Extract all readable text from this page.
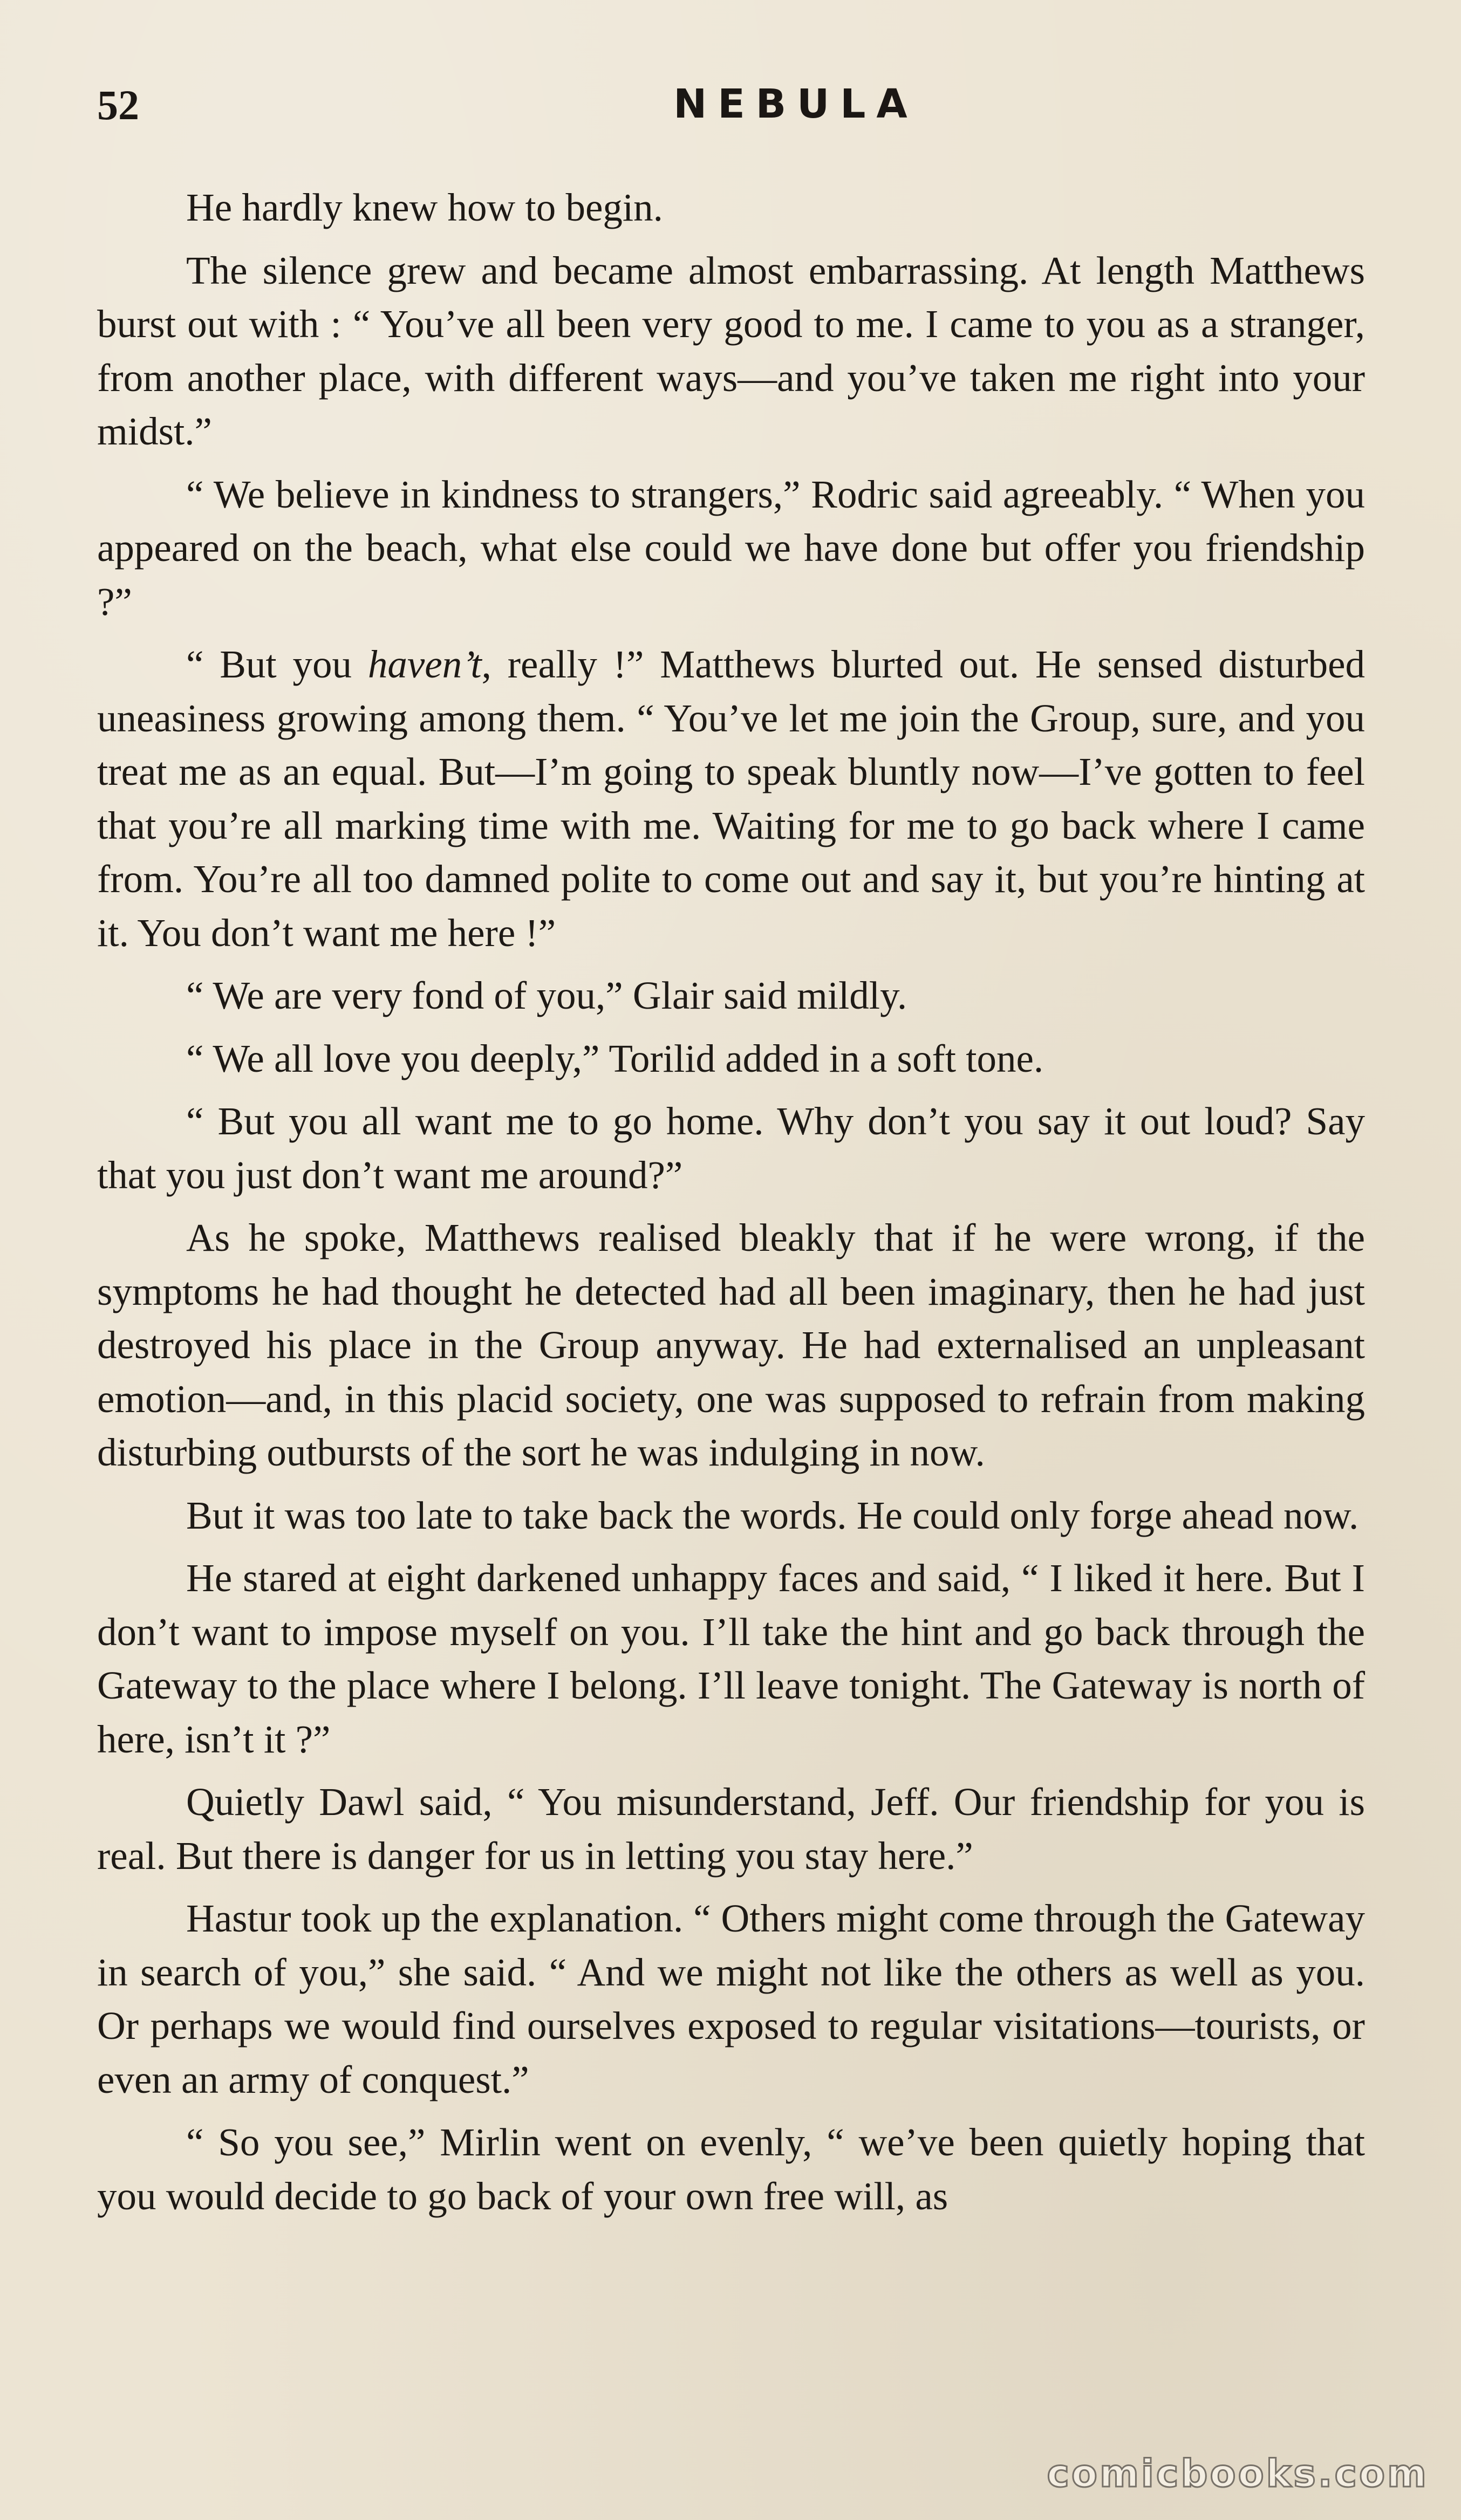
52	NEBULA

He hardly knew how to begin.

The silence grew and became almost embarrassing. At length Matthews burst out with : “ You’ve all been very good to me. I came to you as a stranger, from another place, with different ways—and you’ve taken me right into your midst.”

“ We believe in kindness to strangers,” Rodric said agreeably. “ When you appeared on the beach, what else could we have done but offer you friendship ?”

“ But you haven’t, really !” Matthews blurted out. He sensed disturbed uneasiness growing among them. “ You’ve let me join the Group, sure, and you treat me as an equal. But—I’m going to speak bluntly now—I’ve gotten to feel that you’re all marking time with me. Waiting for me to go back where I came from. You’re all too damned polite to come out and say it, but you’re hinting at it. You don’t want me here !”

“ We are very fond of you,” Glair said mildly.

“ We all love you deeply,” Torilid added in a soft tone.

“ But you all want me to go home. Why don’t you say it out loud? Say that you just don’t want me around?”

As he spoke, Matthews realised bleakly that if he were wrong, if the symptoms he had thought he detected had all been imaginary, then he had just destroyed his place in the Group anyway. He had externalised an unpleasant emotion—and, in this placid society, one was supposed to refrain from making disturbing outbursts of the sort he was indulging in now.

But it was too late to take back the words. He could only forge ahead now.

He stared at eight darkened unhappy faces and said, “ I liked it here. But I don’t want to impose myself on you. I’ll take the hint and go back through the Gateway to the place where I belong. I’ll leave tonight. The Gateway is north of here, isn’t it ?”

Quietly Dawl said, “ You misunderstand, Jeff. Our friendship for you is real. But there is danger for us in letting you stay here.”

Hastur took up the explanation. “ Others might come through the Gateway in search of you,” she said. “ And we might not like the others as well as you. Or perhaps we would find ourselves exposed to regular visitations—tourists, or even an army of conquest.”

“ So you see,” Mirlin went on evenly, “ we’ve been quietly hoping that you would decide to go back of your own free will, as

comicbooks.com
